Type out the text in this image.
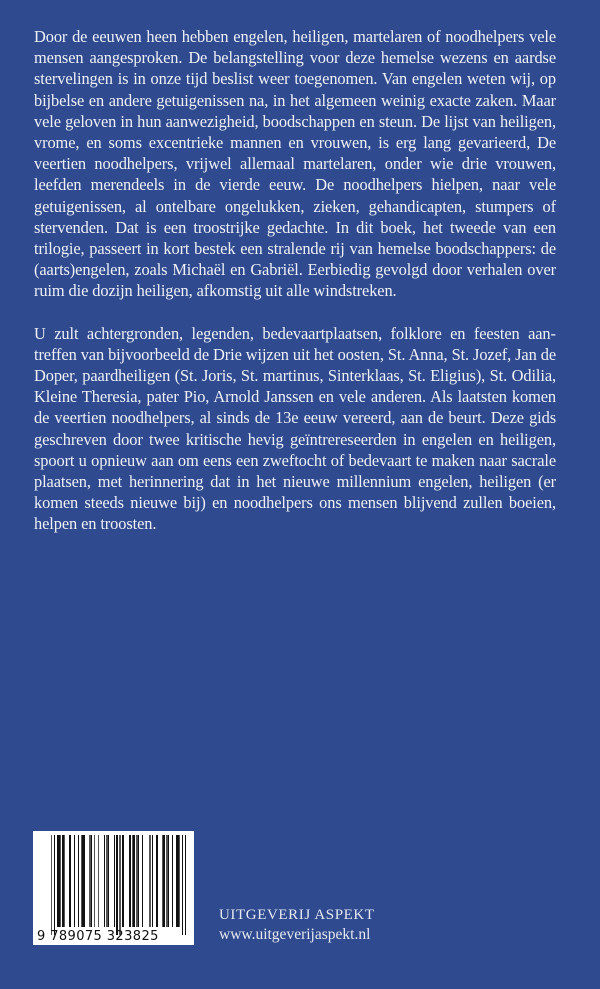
Door de eeuwen heen hebben engelen, heiligen, martelaren of noodhelpers vele mensen aangesproken. De belangstelling voor deze hemelse wezens en aardse stervelingen is in onze tijd beslist weer toegenomen. Van engelen weten wij, op bijbelse en andere getuigenissen na, in het algemeen weinig exacte zaken. Maar vele geloven in hun aanwezigheid, boodschappen en steun. De lijst van heiligen, vrome, en soms excentrieke mannen en vrouwen, is erg lang gevarieerd, De veertien noodhelpers, vrijwel allemaal martelaren, onder wie drie vrouwen, leefden merendeels in de vierde eeuw. De noodhelpers hielpen, naar vele getuigenissen, al ontelbare ongelukken, zieken, gehandicapten, stumpers of stervenden. Dat is een troostrijke gedachte. In dit boek, het tweede van een trilogie, passeert in kort bestek een stralende rij van hemelse boodschappers: de (aarts)engelen, zoals Michaël en Gabriël. Eerbiedig gevolgd door verhalen over ruim die dozijn heiligen, afkomstig uit alle windstreken.

U zult achtergronden, legenden, bedevaartplaatsen, folklore en feesten aantreffen van bijvoorbeeld de Drie wijzen uit het oosten, St. Anna, St. Jozef, Jan de Doper, paardheiligen (St. Joris, St. martinus, Sinterklaas, St. Eligius), St. Odilia, Kleine Theresia, pater Pio, Arnold Janssen en vele anderen. Als laatsten komen de veertien noodhelpers, al sinds de 13e eeuw vereerd, aan de beurt. Deze gids geschreven door twee kritische hevig geïntrereseerden in engelen en heiligen, spoort u opnieuw aan om eens een zweftocht of bedevaart te maken naar sacrale plaatsen, met herinnering dat in het nieuwe millennium engelen, heiligen (er komen steeds nieuwe bij) en noodhelpers ons mensen blijvend zullen boeien, helpen en troosten.

9 789075 323825
UITGEVERIJ ASPEKT
www.uitgeverijaspekt.nl
